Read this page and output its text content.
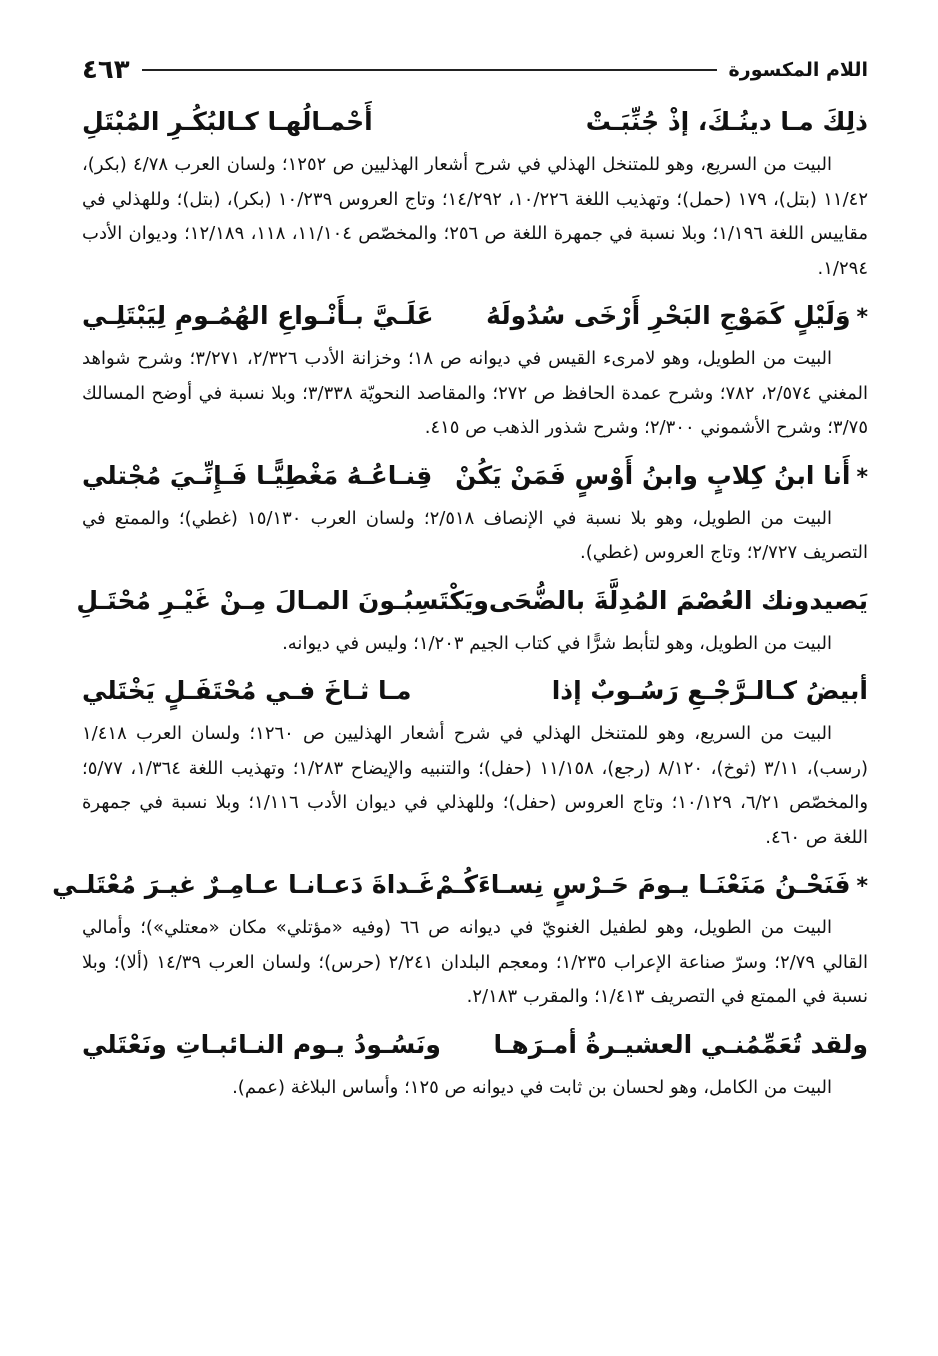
اللام المكسورة
٤٦٣
ذلِكَ مـا دينُـكَ، إذْ جُنِّبَـتْ
أَحْمـالُهـا كـالبُكُـرِ المُبْتَلِ

البيت من السريع، وهو للمتنخل الهذلي في شرح أشعار الهذليين ص ١٢٥٢؛ ولسان العرب ٤/٧٨ (بكر)، ١١/٤٢ (بتل)، ١٧٩ (حمل)؛ وتهذيب اللغة ١٠/٢٢٦، ١٤/٢٩٢؛ وتاج العروس ١٠/٢٣٩ (بكر)، (بتل)؛ وللهذلي في مقاييس اللغة ١/١٩٦؛ وبلا نسبة في جمهرة اللغة ص ٢٥٦؛ والمخصّص ١١/١٠٤، ١١٨، ١٢/١٨٩؛ وديوان الأدب ١/٢٩٤.

*وَلَيْلٍ كَمَوْجِ البَحْرِ أَرْخَى سُدُولَهُ
عَلَـيَّ بـأَنْـواعِ الهُمُـومِ لِيَبْتَلِـي

البيت من الطويل، وهو لامرىء القيس في ديوانه ص ١٨؛ وخزانة الأدب ٢/٣٢٦، ٣/٢٧١؛ وشرح شواهد المغني ٢/٥٧٤، ٧٨٢؛ وشرح عمدة الحافظ ص ٢٧٢؛ والمقاصد النحويّة ٣/٣٣٨؛ وبلا نسبة في أوضح المسالك ٣/٧٥؛ وشرح الأشموني ٢/٣٠٠؛ وشرح شذور الذهب ص ٤١٥.

*أَنا ابنُ كِلابٍ وابنُ أَوْسٍ فَمَنْ يَكُنْ
قِنـاعُـهُ مَغْطِيًّـا فَـإِنِّـيَ مُجْتلي

البيت من الطويل، وهو بلا نسبة في الإنصاف ٢/٥١٨؛ ولسان العرب ١٥/١٣٠ (غطي)؛ والممتع في التصريف ٢/٧٢٧؛ وتاج العروس (غطي).

يَصيدونك العُصْمَ المُدِلَّةَ بالضُّحَى
ويَكْتَسِبُـونَ المـالَ مِـنْ غَيْـرِ مُحْتَـلِ

البيت من الطويل، وهو لتأبط شرًّا في كتاب الجيم ١/٢٠٣؛ وليس في ديوانه.

أبيضُ كـالـرَّجْـعِ رَسُـوبٌ إذا
مـا ثـاخَ فـي مُحْتَفَـلٍ يَخْتَلي

البيت من السريع، وهو للمتنخل الهذلي في شرح أشعار الهذليين ص ١٢٦٠؛ ولسان العرب ١/٤١٨ (رسب)، ٣/١١ (ثوخ)، ٨/١٢٠ (رجع)، ١١/١٥٨ (حفل)؛ والتنبيه والإيضاح ١/٢٨٣؛ وتهذيب اللغة ١/٣٦٤، ٥/٧٧؛ والمخصّص ٦/٢١، ١٠/١٢٩؛ وتاج العروس (حفل)؛ وللهذلي في ديوان الأدب ١/١١٦؛ وبلا نسبة في جمهرة اللغة ص ٤٦٠.

*فَنَحْـنُ مَنَعْنَـا يـومَ حَـرْسٍ نِسـاءَكُـمْ
غَـداةَ دَعـانـا عـامِـرٌ غيـرَ مُعْتَلـي

البيت من الطويل، وهو لطفيل الغنويّ في ديوانه ص ٦٦ (وفيه «مؤتلي» مكان «معتلي»)؛ وأمالي القالي ٢/٧٩؛ وسرّ صناعة الإعراب ١/٢٣٥؛ ومعجم البلدان ٢/٢٤١ (حرس)؛ ولسان العرب ١٤/٣٩ (ألا)؛ وبلا نسبة في الممتع في التصريف ١/٤١٣؛ والمقرب ٢/١٨٣.

ولقد تُعَمِّمُنـي العشيـرةُ أمـرَهـا
ونَسُـودُ يـوم النـائبـاتِ ونَعْتَلي

البيت من الكامل، وهو لحسان بن ثابت في ديوانه ص ١٢٥؛ وأساس البلاغة (عمم).
